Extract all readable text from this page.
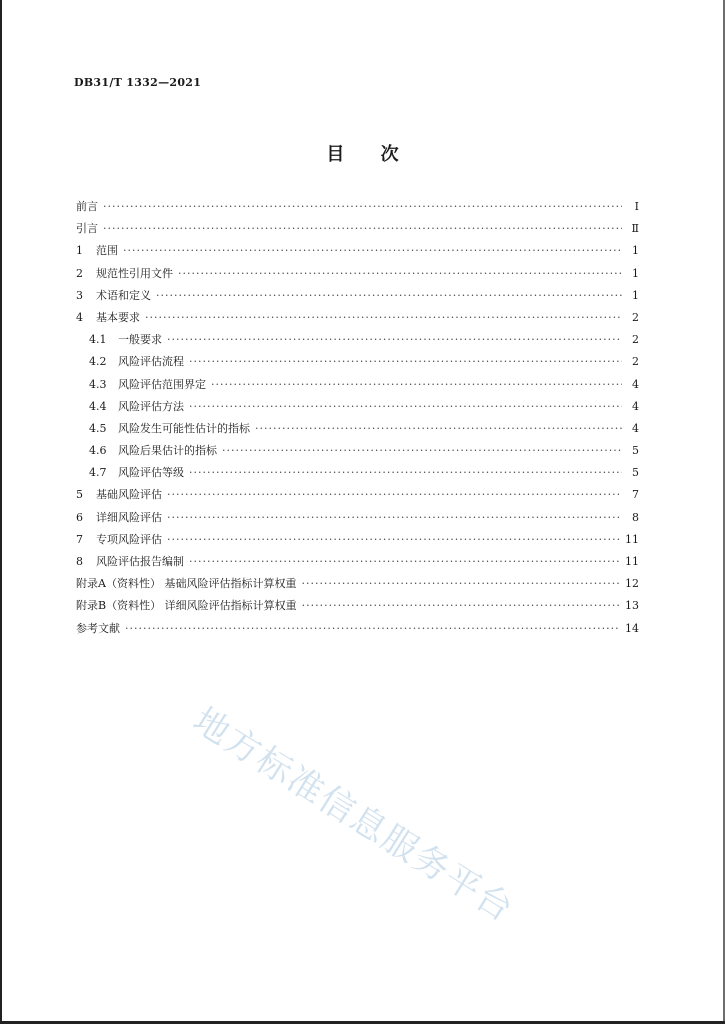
DB31/T 1332—2021
目 次
前言 ·····	I
引言 ·····	Ⅱ
1	范围 ·····	1
2	规范性引用文件 ·····	1
3	术语和定义 ·····	1
4	基本要求 ·····	2
4.1	一般要求 ·····	2
4.2	风险评估流程 ·····	2
4.3	风险评估范围界定 ·····	4
4.4	风险评估方法 ·····	4
4.5	风险发生可能性估计的指标 ·····	4
4.6	风险后果估计的指标 ·····	5
4.7	风险评估等级 ·····	5
5	基础风险评估 ·····	7
6	详细风险评估 ·····	8
7	专项风险评估 ·····	11
8	风险评估报告编制 ·····	11
附录A（资料性） 基础风险评估指标计算权重 ·····	12
附录B（资料性） 详细风险评估指标计算权重 ·····	13
参考文献 ·····	14
地方标准信息服务平台
